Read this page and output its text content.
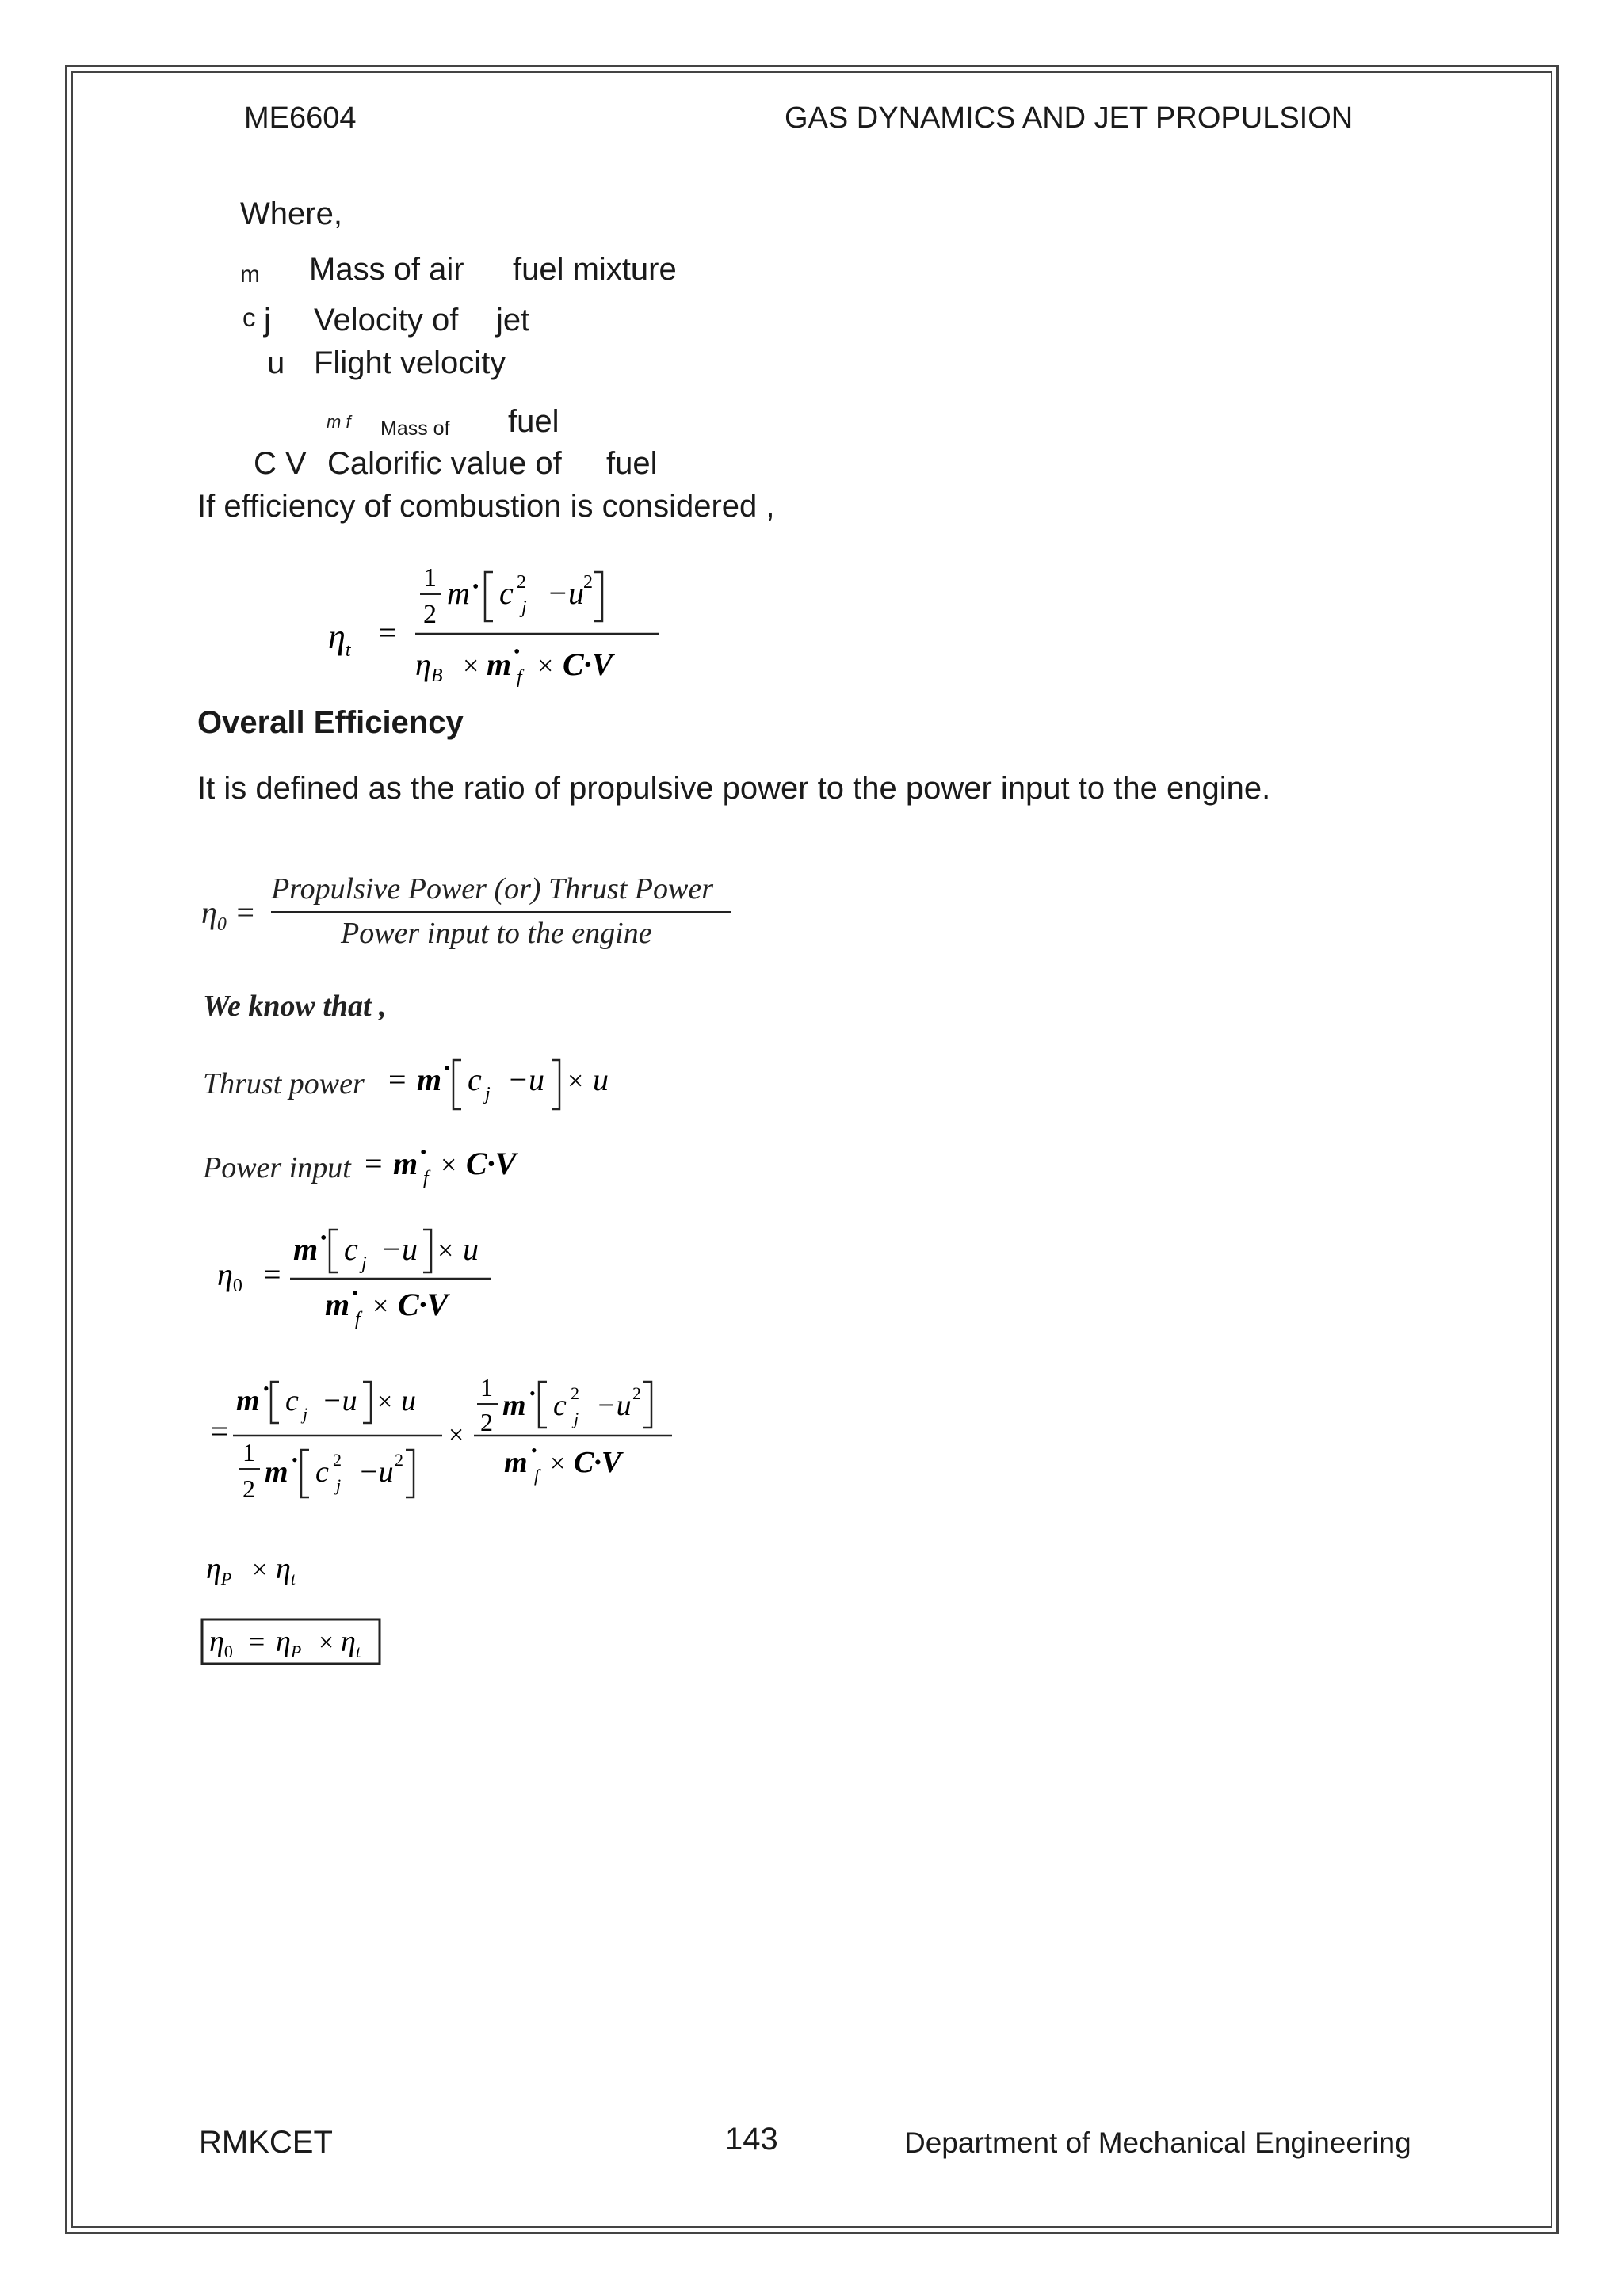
ME6604	GAS DYNAMICS AND JET PROPULSION
Where,
m Mass of air fuel mixture
c j Velocity of jet
u Flight velocity
m f Mass of fuel
C V Calorific value of fuel
If efficiency of combustion is considered ,
$\eta_t$ =
1
2
m • c 2
j −u 2
$\eta_B \times m$ •
f × C·V
Overall Efficiency
It is defined as the ratio of propulsive power to the power input to the engine.
$\eta_0$ =
Propulsive Power (or) Thrust Power
Power input to the engine
We know that ,
Thrust power = m • c j −u × u
Power input = m •
f × C·V
$\eta_0$ =
m • c j −u × u
m •
f × C·V
=
m • c j −u × u
1
2 m • c 2
j −u 2
×
1
2 m • c 2
j −u 2
m •
f × C·V
$\eta_P \times \eta_t$
$\eta_0 = \eta_P \times \eta_t$
RMKCET	143	Department of Mechanical Engineering
